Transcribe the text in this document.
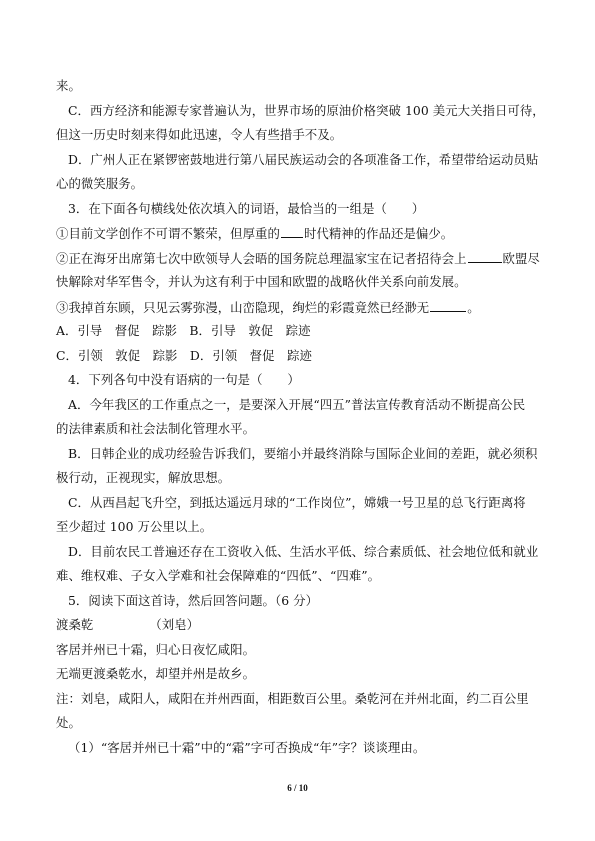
来。
C．西方经济和能源专家普遍认为，世界市场的原油价格突破 100 美元大关指日可待，
但这一历史时刻来得如此迅速，令人有些措手不及。
D．广州人正在紧锣密鼓地进行第八届民族运动会的各项准备工作，希望带给运动员贴
心的微笑服务。
3．在下面各句横线处依次填入的词语，最恰当的一组是（　　）
①目前文学创作不可谓不繁荣，但厚重的 时代精神的作品还是偏少。
②正在海牙出席第七次中欧领导人会晤的国务院总理温家宝在记者招待会上	欧盟尽
快解除对华军售令，并认为这有利于中国和欧盟的战略伙伴关系向前发展。
③我掉首东顾，只见云雾弥漫，山峦隐现，绚烂的彩霞竟然已经渺无	。
A．引导　督促　踪影　B．引导　敦促　踪迹
C．引领　敦促　踪影　D．引领　督促　踪迹
4．下列各句中没有语病的一句是（　　）
A．今年我区的工作重点之一，是要深入开展“四五”普法宣传教育活动不断提高公民
的法律素质和社会法制化管理水平。
B．日韩企业的成功经验告诉我们，要缩小并最终消除与国际企业间的差距，就必须积
极行动，正视现实，解放思想。
C．从西昌起飞升空，到抵达遥远月球的“工作岗位”，嫦娥一号卫星的总飞行距离将
至少超过 100 万公里以上。
D．目前农民工普遍还存在工资收入低、生活水平低、综合素质低、社会地位低和就业
难、维权难、子女入学难和社会保障难的“四低”、“四难”。
5．阅读下面这首诗，然后回答问题。（6 分）
渡桑乾	（刘皂）
客居并州已十霜，归心日夜忆咸阳。
无端更渡桑乾水，却望并州是故乡。
注：刘皂，咸阳人，咸阳在并州西面，相距数百公里。桑乾河在并州北面，约二百公里
处。
（1）“客居并州已十霜”中的“霜”字可否换成“年”字？谈谈理由。
6 / 10
